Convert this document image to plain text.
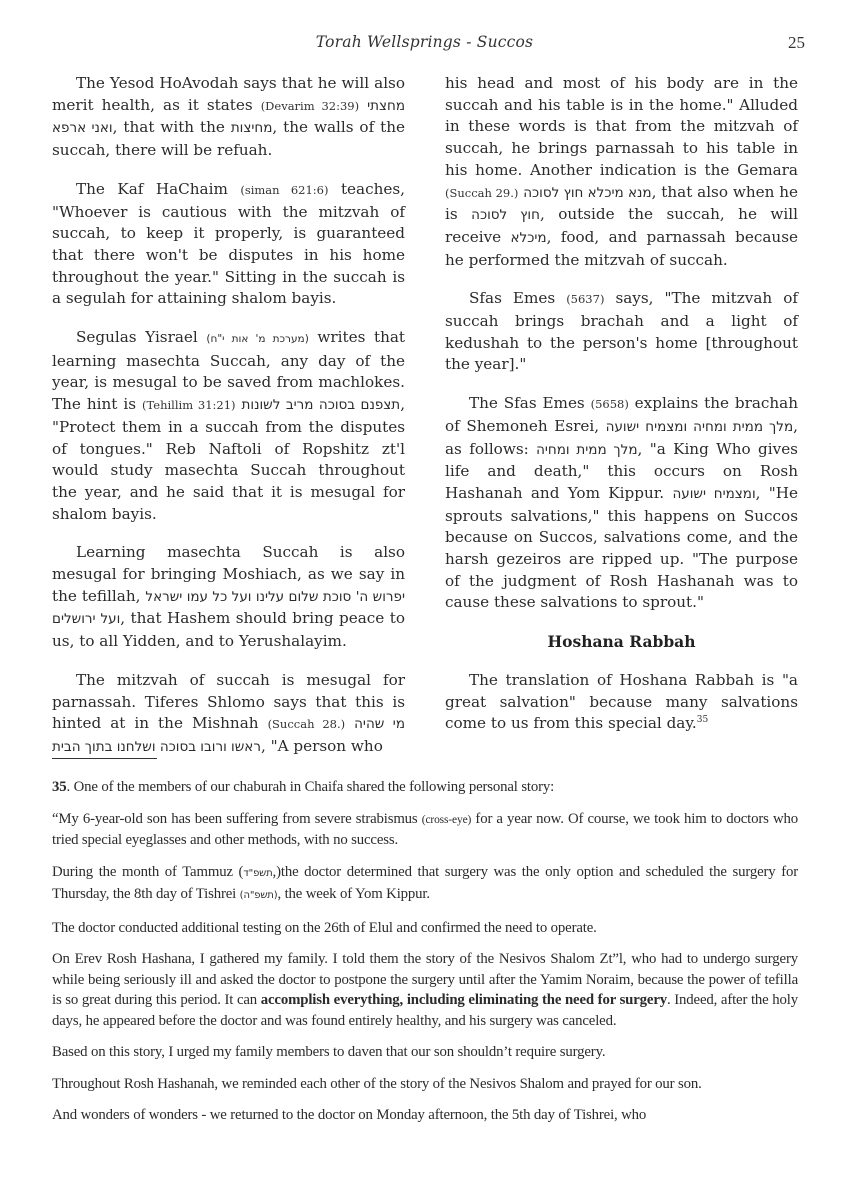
Torah Wellsprings - Succos	25

The Yesod HoAvodah says that he will also merit health, as it states (Devarim 32:39) מחצתי ואני ארפא, that with the מחיצות, the walls of the succah, there will be refuah.

The Kaf HaChaim (siman 621:6) teaches, "Whoever is cautious with the mitzvah of succah, to keep it properly, is guaranteed that there won't be disputes in his home throughout the year." Sitting in the succah is a segulah for attaining shalom bayis.

Segulas Yisrael (מערכת מ' אות י"ח) writes that learning masechta Succah, any day of the year, is mesugal to be saved from machlokes. The hint is (Tehillim 31:21) תצפנם בסוכה מריב לשונות, "Protect them in a succah from the disputes of tongues." Reb Naftoli of Ropshitz zt'l would study masechta Succah throughout the year, and he said that it is mesugal for shalom bayis.

Learning masechta Succah is also mesugal for bringing Moshiach, as we say in the tefillah, יפרוש ה' סוכת שלום עלינו ועל כל עמו ישראל ועל ירושלים, that Hashem should bring peace to us, to all Yidden, and to Yerushalayim.

The mitzvah of succah is mesugal for parnassah. Tiferes Shlomo says that this is hinted at in the Mishnah (Succah 28.) מי שהיה ראשו ורובו בסוכה ושלחנו בתוך הבית, "A person who

his head and most of his body are in the succah and his table is in the home." Alluded in these words is that from the mitzvah of succah, he brings parnassah to his table in his home. Another indication is the Gemara (Succah 29.) מנא מיכלא חוץ לסוכה, that also when he is חוץ לסוכה, outside the succah, he will receive מיכלא, food, and parnassah because he performed the mitzvah of succah.

Sfas Emes (5637) says, "The mitzvah of succah brings brachah and a light of kedushah to the person's home [throughout the year]."

The Sfas Emes (5658) explains the brachah of Shemoneh Esrei, מלך ממית ומחיה ומצמיח ישועה, as follows: מלך ממית ומחיה, "a King Who gives life and death," this occurs on Rosh Hashanah and Yom Kippur. ומצמיח ישועה, "He sprouts salvations," this happens on Succos because on Succos, salvations come, and the harsh gezeiros are ripped up. "The purpose of the judgment of Rosh Hashanah was to cause these salvations to sprout."

Hoshana Rabbah

The translation of Hoshana Rabbah is "a great salvation" because many salvations come to us from this special day.$^{35}$

35. One of the members of our chaburah in Chaifa shared the following personal story:

“My 6-year-old son has been suffering from severe strabismus (cross-eye) for a year now. Of course, we took him to doctors who tried special eyeglasses and other methods, with no success.

During the month of Tammuz (תשפ"ד,)the doctor determined that surgery was the only option and scheduled the surgery for Thursday, the 8th day of Tishrei (תשפ"ה), the week of Yom Kippur.

The doctor conducted additional testing on the 26th of Elul and confirmed the need to operate.

On Erev Rosh Hashana, I gathered my family. I told them the story of the Nesivos Shalom Zt”l, who had to undergo surgery while being seriously ill and asked the doctor to postpone the surgery until after the Yamim Noraim, because the power of tefilla is so great during this period. It can accomplish everything, including eliminating the need for surgery. Indeed, after the holy days, he appeared before the doctor and was found entirely healthy, and his surgery was canceled.

Based on this story, I urged my family members to daven that our son shouldn’t require surgery.

Throughout Rosh Hashanah, we reminded each other of the story of the Nesivos Shalom and prayed for our son.

And wonders of wonders - we returned to the doctor on Monday afternoon, the 5th day of Tishrei, who
